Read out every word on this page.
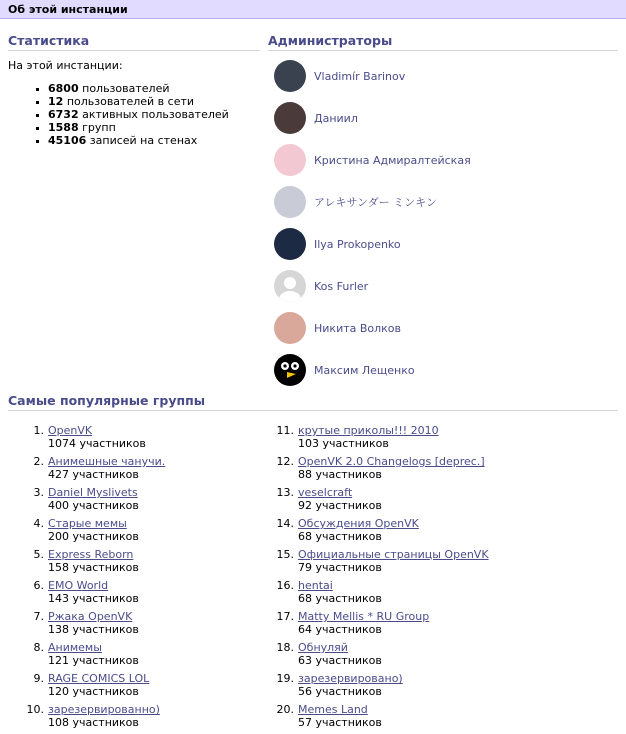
Об этой инстанции
Статистика
На этой инстанции:
▪ 6800 пользователей
▪ 12 пользователей в сети
▪ 6732 активных пользователей
▪ 1588 групп
▪ 45106 записей на стенах
Администраторы
Vladimír Barinov
Даниил
Кристина Адмиралтейская
アレキサンダー ミンキン
Ilya Prokopenko
Kos Furler
Никита Волков
Максим Лещенко
Самые популярные группы
1. OpenVK
1074 участников
2. Анимешные чанучи.
427 участников
3. Daniel Myslivets
400 участников
4. Старые мемы
200 участников
5. Express Reborn
158 участников
6. EMO World
143 участников
7. Ржака OpenVK
138 участников
8. Анимемы
121 участников
9. RAGE COMICS LOL
120 участников
10. зарезервированно)
108 участников
11. крутые приколы!!! 2010
103 участников
12. OpenVK 2.0 Changelogs [deprec.]
88 участников
13. veselcraft
92 участников
14. Обсуждения OpenVK
68 участников
15. Официальные страницы OpenVK
79 участников
16. hentai
68 участников
17. Matty Mellis * RU Group
64 участников
18. Обнуляй
63 участников
19. зарезервировано)
56 участников
20. Memes Land
57 участников
